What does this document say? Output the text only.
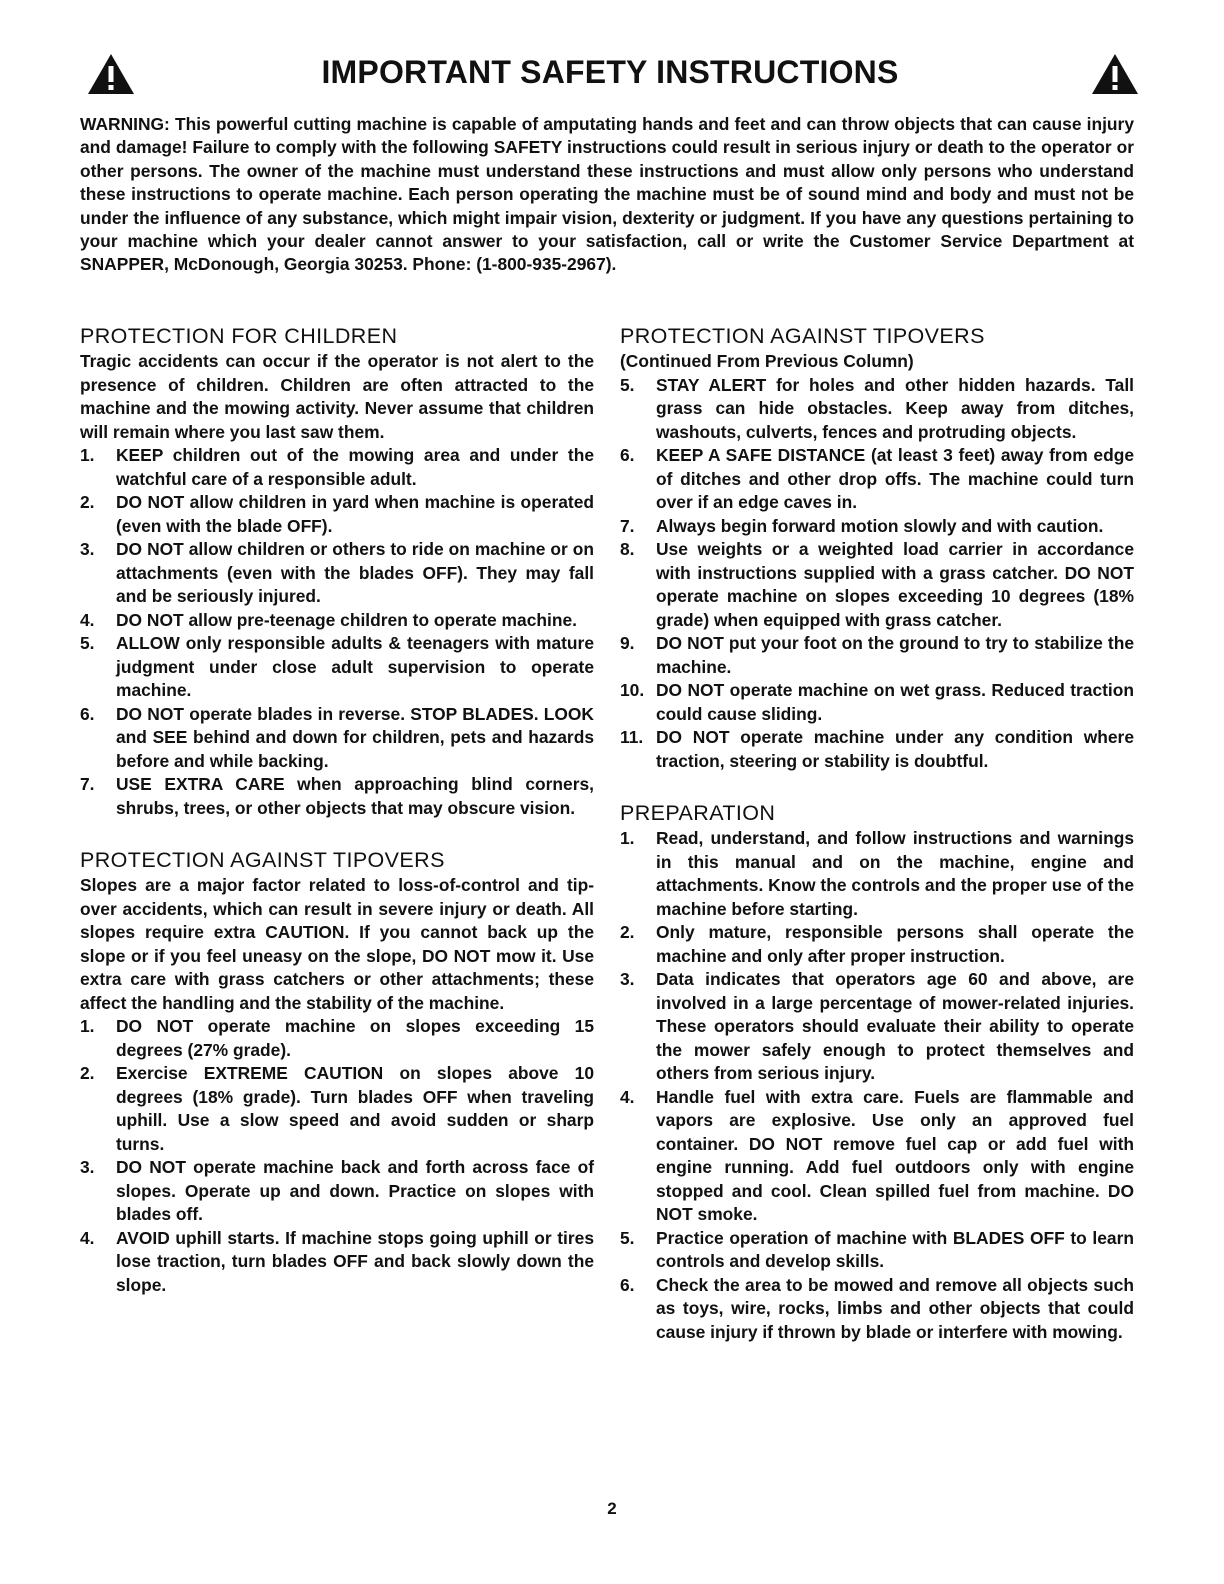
IMPORTANT SAFETY INSTRUCTIONS

WARNING: This powerful cutting machine is capable of amputating hands and feet and can throw objects that can cause injury and damage! Failure to comply with the following SAFETY instructions could result in serious injury or death to the operator or other persons. The owner of the machine must understand these instructions and must allow only persons who understand these instructions to operate machine. Each person operating the machine must be of sound mind and body and must not be under the influence of any substance, which might impair vision, dexterity or judgment. If you have any questions pertaining to your machine which your dealer cannot answer to your satisfaction, call or write the Customer Service Department at SNAPPER, McDonough, Georgia 30253. Phone: (1-800-935-2967).

PROTECTION FOR CHILDREN

Tragic accidents can occur if the operator is not alert to the presence of children. Children are often attracted to the machine and the mowing activity. Never assume that children will remain where you last saw them.

1.	KEEP children out of the mowing area and under the watchful care of a responsible adult.
2.	DO NOT allow children in yard when machine is operated (even with the blade OFF).
3.	DO NOT allow children or others to ride on machine or on attachments (even with the blades OFF). They may fall and be seriously injured.
4.	DO NOT allow pre-teenage children to operate machine.
5.	ALLOW only responsible adults & teenagers with mature judgment under close adult supervision to operate machine.
6.	DO NOT operate blades in reverse. STOP BLADES. LOOK and SEE behind and down for children, pets and hazards before and while backing.
7.	USE EXTRA CARE when approaching blind corners, shrubs, trees, or other objects that may obscure vision.
PROTECTION AGAINST TIPOVERS

Slopes are a major factor related to loss-of-control and tip-over accidents, which can result in severe injury or death. All slopes require extra CAUTION. If you cannot back up the slope or if you feel uneasy on the slope, DO NOT mow it. Use extra care with grass catchers or other attachments; these affect the handling and the stability of the machine.

1.	DO NOT operate machine on slopes exceeding 15 degrees (27% grade).
2.	Exercise EXTREME CAUTION on slopes above 10 degrees (18% grade). Turn blades OFF when traveling uphill. Use a slow speed and avoid sudden or sharp turns.
3.	DO NOT operate machine back and forth across face of slopes. Operate up and down. Practice on slopes with blades off.
4.	AVOID uphill starts. If machine stops going uphill or tires lose traction, turn blades OFF and back slowly down the slope.
PROTECTION AGAINST TIPOVERS

(Continued From Previous Column)

5.	STAY ALERT for holes and other hidden hazards. Tall grass can hide obstacles. Keep away from ditches, washouts, culverts, fences and protruding objects.
6.	KEEP A SAFE DISTANCE (at least 3 feet) away from edge of ditches and other drop offs. The machine could turn over if an edge caves in.
7.	Always begin forward motion slowly and with caution.
8.	Use weights or a weighted load carrier in accordance with instructions supplied with a grass catcher. DO NOT operate machine on slopes exceeding 10 degrees (18% grade) when equipped with grass catcher.
9.	DO NOT put your foot on the ground to try to stabilize the machine.
10. DO NOT operate machine on wet grass. Reduced traction could cause sliding.
11. DO NOT operate machine under any condition where traction, steering or stability is doubtful.
PREPARATION
1.	Read, understand, and follow instructions and warnings in this manual and on the machine, engine and attachments. Know the controls and the proper use of the machine before starting.
2.	Only mature, responsible persons shall operate the machine and only after proper instruction.
3.	Data indicates that operators age 60 and above, are involved in a large percentage of mower-related injuries. These operators should evaluate their ability to operate the mower safely enough to protect themselves and others from serious injury.
4.	Handle fuel with extra care. Fuels are flammable and vapors are explosive. Use only an approved fuel container. DO NOT remove fuel cap or add fuel with engine running. Add fuel outdoors only with engine stopped and cool. Clean spilled fuel from machine. DO NOT smoke.
5.	Practice operation of machine with BLADES OFF to learn controls and develop skills.
6.	Check the area to be mowed and remove all objects such as toys, wire, rocks, limbs and other objects that could cause injury if thrown by blade or interfere with mowing.
2
